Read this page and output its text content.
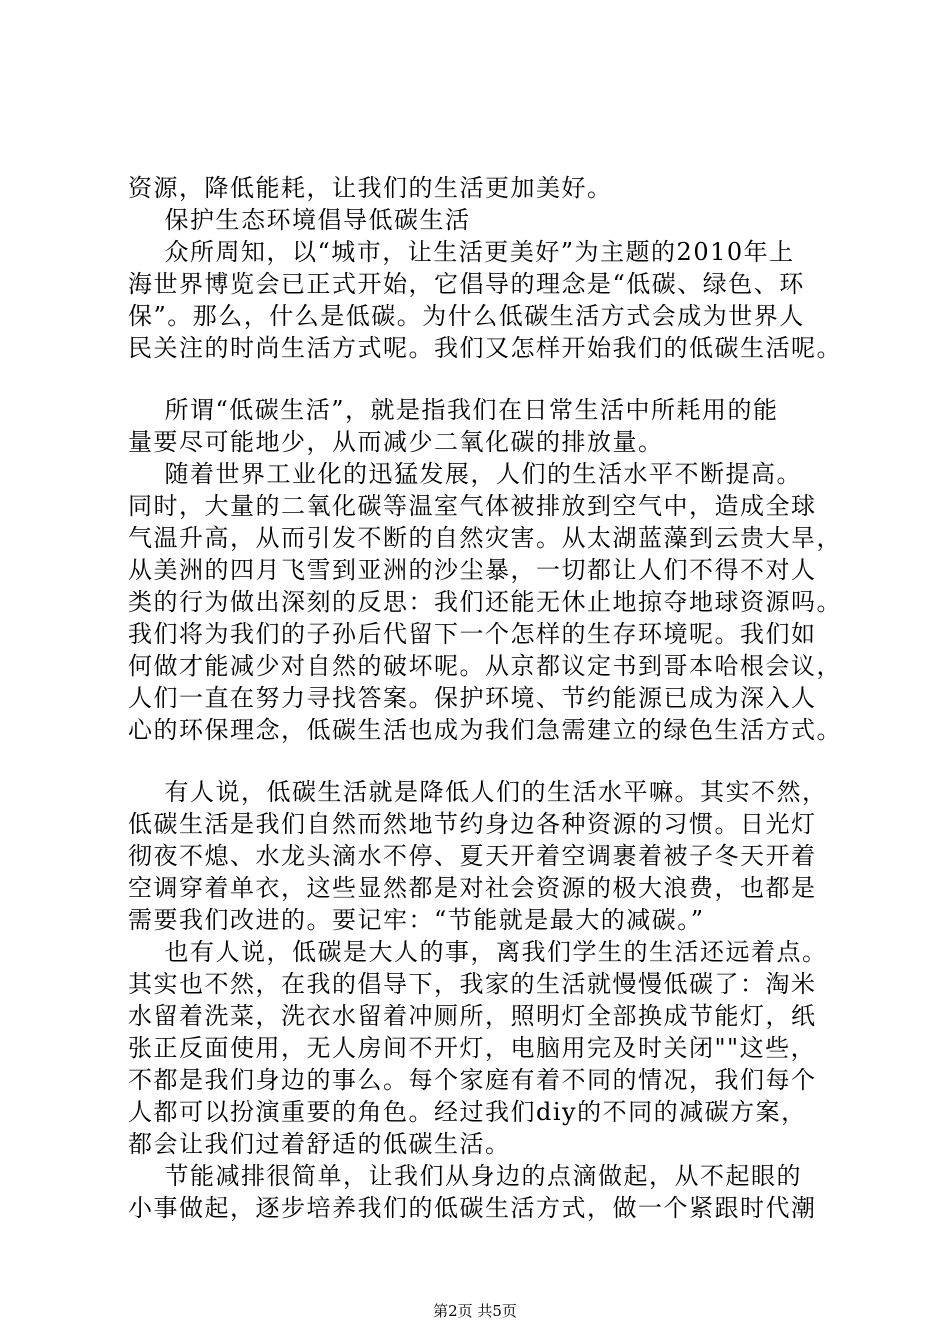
资源，降低能耗，让我们的生活更加美好。

保护生态环境倡导低碳生活

众所周知，以“城市，让生活更美好”为主题的2010年上

海世界博览会已正式开始，它倡导的理念是“低碳、绿色、环

保”。那么，什么是低碳。为什么低碳生活方式会成为世界人

民关注的时尚生活方式呢。我们又怎样开始我们的低碳生活呢。

所谓“低碳生活”，就是指我们在日常生活中所耗用的能

量要尽可能地少，从而减少二氧化碳的排放量。

随着世界工业化的迅猛发展，人们的生活水平不断提高。

同时，大量的二氧化碳等温室气体被排放到空气中，造成全球

气温升高，从而引发不断的自然灾害。从太湖蓝藻到云贵大旱，

从美洲的四月飞雪到亚洲的沙尘暴，一切都让人们不得不对人

类的行为做出深刻的反思：我们还能无休止地掠夺地球资源吗。

我们将为我们的子孙后代留下一个怎样的生存环境呢。我们如

何做才能减少对自然的破坏呢。从京都议定书到哥本哈根会议，

人们一直在努力寻找答案。保护环境、节约能源已成为深入人

心的环保理念，低碳生活也成为我们急需建立的绿色生活方式。

有人说，低碳生活就是降低人们的生活水平嘛。其实不然，

低碳生活是我们自然而然地节约身边各种资源的习惯。日光灯

彻夜不熄、水龙头滴水不停、夏天开着空调裹着被子冬天开着

空调穿着单衣，这些显然都是对社会资源的极大浪费，也都是

需要我们改进的。要记牢：“节能就是最大的减碳。”

也有人说，低碳是大人的事，离我们学生的生活还远着点。

其实也不然，在我的倡导下，我家的生活就慢慢低碳了：淘米

水留着洗菜，洗衣水留着冲厕所，照明灯全部换成节能灯，纸

张正反面使用，无人房间不开灯，电脑用完及时关闭""这些，

不都是我们身边的事么。每个家庭有着不同的情况，我们每个

人都可以扮演重要的角色。经过我们diy的不同的减碳方案，

都会让我们过着舒适的低碳生活。

节能减排很简单，让我们从身边的点滴做起，从不起眼的

小事做起，逐步培养我们的低碳生活方式，做一个紧跟时代潮

第2页 共5页
